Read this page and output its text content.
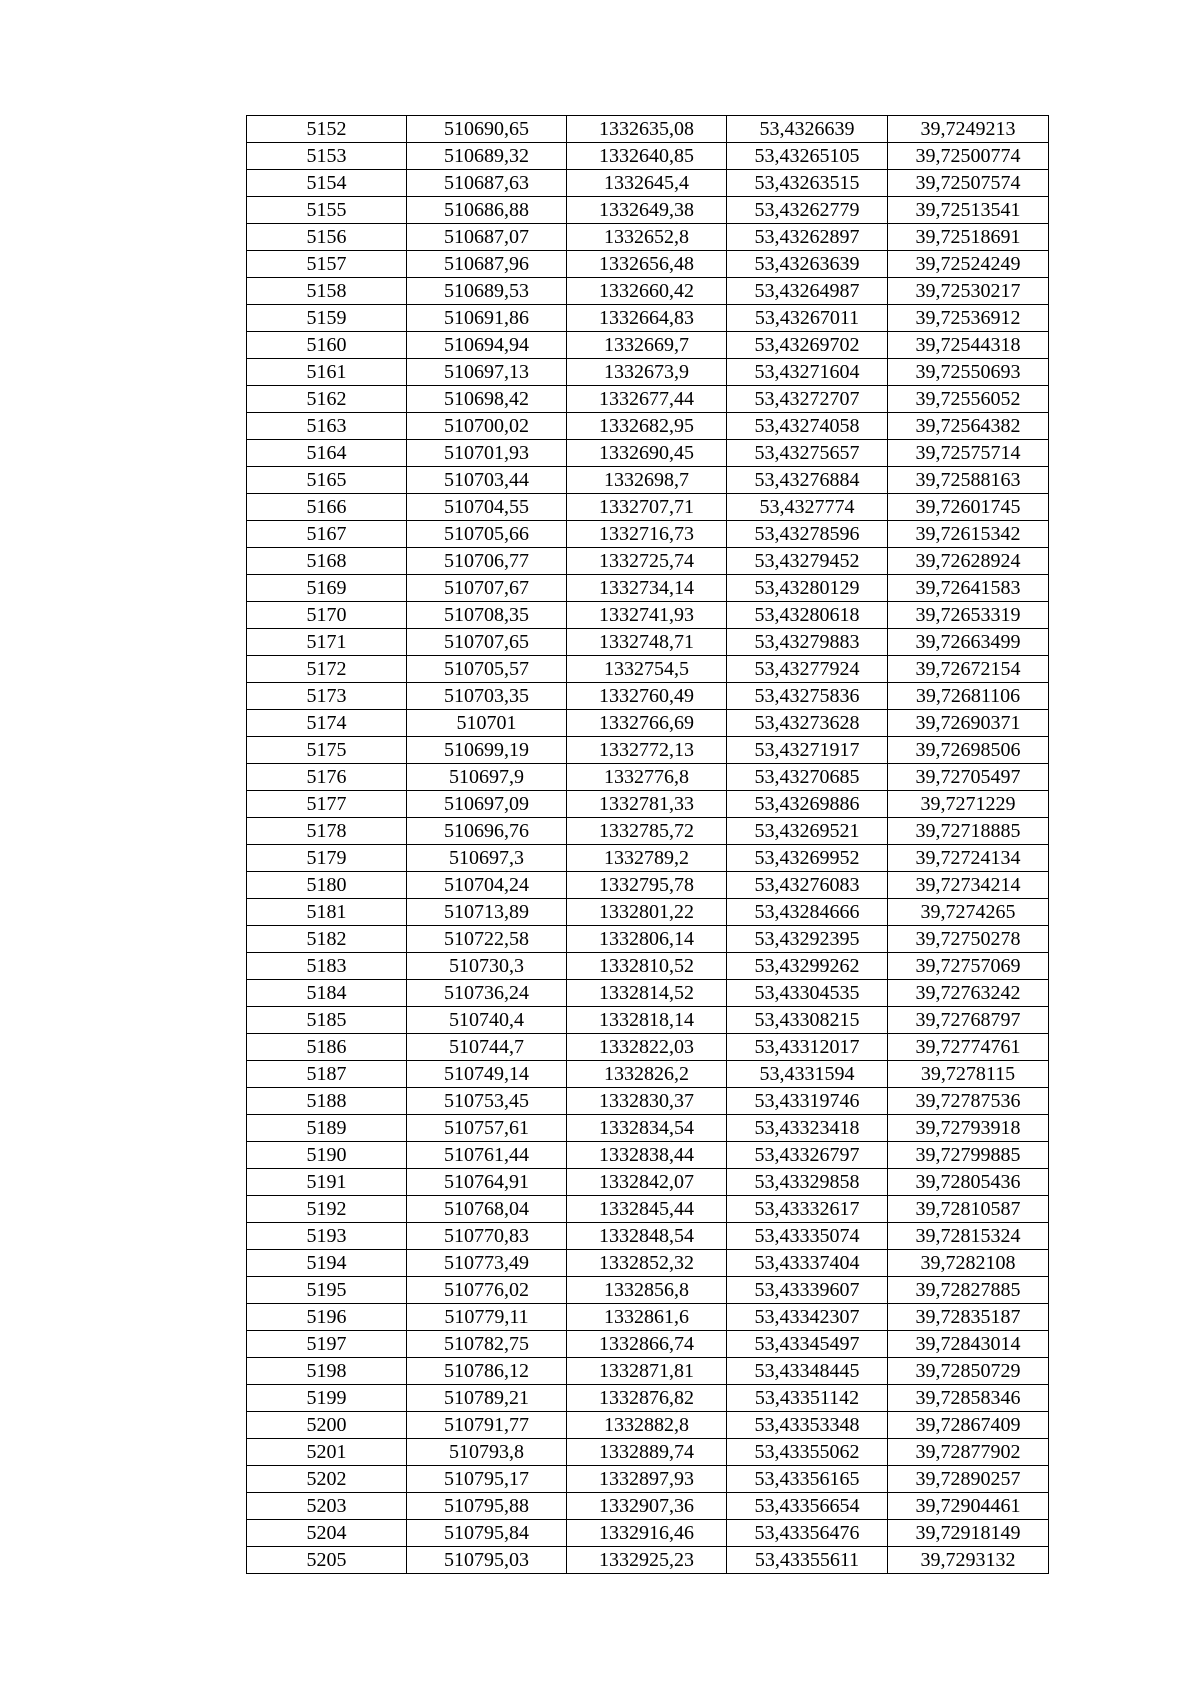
5152	510690,65	1332635,08	53,4326639	39,7249213
5153	510689,32	1332640,85	53,43265105	39,72500774
5154	510687,63	1332645,4	53,43263515	39,72507574
5155	510686,88	1332649,38	53,43262779	39,72513541
5156	510687,07	1332652,8	53,43262897	39,72518691
5157	510687,96	1332656,48	53,43263639	39,72524249
5158	510689,53	1332660,42	53,43264987	39,72530217
5159	510691,86	1332664,83	53,43267011	39,72536912
5160	510694,94	1332669,7	53,43269702	39,72544318
5161	510697,13	1332673,9	53,43271604	39,72550693
5162	510698,42	1332677,44	53,43272707	39,72556052
5163	510700,02	1332682,95	53,43274058	39,72564382
5164	510701,93	1332690,45	53,43275657	39,72575714
5165	510703,44	1332698,7	53,43276884	39,72588163
5166	510704,55	1332707,71	53,4327774	39,72601745
5167	510705,66	1332716,73	53,43278596	39,72615342
5168	510706,77	1332725,74	53,43279452	39,72628924
5169	510707,67	1332734,14	53,43280129	39,72641583
5170	510708,35	1332741,93	53,43280618	39,72653319
5171	510707,65	1332748,71	53,43279883	39,72663499
5172	510705,57	1332754,5	53,43277924	39,72672154
5173	510703,35	1332760,49	53,43275836	39,72681106
5174	510701	1332766,69	53,43273628	39,72690371
5175	510699,19	1332772,13	53,43271917	39,72698506
5176	510697,9	1332776,8	53,43270685	39,72705497
5177	510697,09	1332781,33	53,43269886	39,7271229
5178	510696,76	1332785,72	53,43269521	39,72718885
5179	510697,3	1332789,2	53,43269952	39,72724134
5180	510704,24	1332795,78	53,43276083	39,72734214
5181	510713,89	1332801,22	53,43284666	39,7274265
5182	510722,58	1332806,14	53,43292395	39,72750278
5183	510730,3	1332810,52	53,43299262	39,72757069
5184	510736,24	1332814,52	53,43304535	39,72763242
5185	510740,4	1332818,14	53,43308215	39,72768797
5186	510744,7	1332822,03	53,43312017	39,72774761
5187	510749,14	1332826,2	53,4331594	39,7278115
5188	510753,45	1332830,37	53,43319746	39,72787536
5189	510757,61	1332834,54	53,43323418	39,72793918
5190	510761,44	1332838,44	53,43326797	39,72799885
5191	510764,91	1332842,07	53,43329858	39,72805436
5192	510768,04	1332845,44	53,43332617	39,72810587
5193	510770,83	1332848,54	53,43335074	39,72815324
5194	510773,49	1332852,32	53,43337404	39,7282108
5195	510776,02	1332856,8	53,43339607	39,72827885
5196	510779,11	1332861,6	53,43342307	39,72835187
5197	510782,75	1332866,74	53,43345497	39,72843014
5198	510786,12	1332871,81	53,43348445	39,72850729
5199	510789,21	1332876,82	53,43351142	39,72858346
5200	510791,77	1332882,8	53,43353348	39,72867409
5201	510793,8	1332889,74	53,43355062	39,72877902
5202	510795,17	1332897,93	53,43356165	39,72890257
5203	510795,88	1332907,36	53,43356654	39,72904461
5204	510795,84	1332916,46	53,43356476	39,72918149
5205	510795,03	1332925,23	53,43355611	39,7293132
